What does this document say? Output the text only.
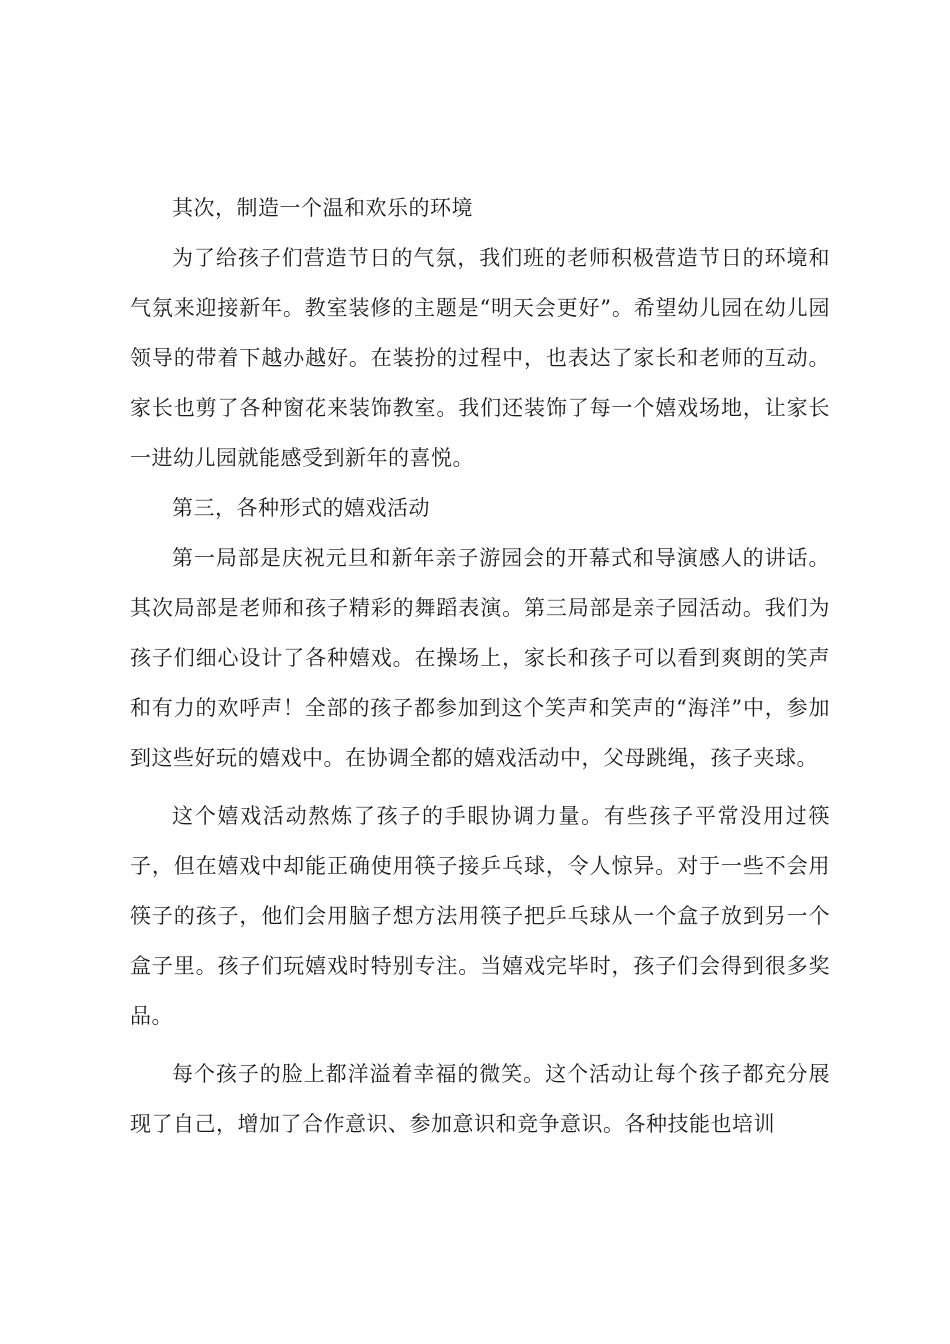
其次，制造一个温和欢乐的环境

为了给孩子们营造节日的气氛，我们班的老师积极营造节日的环境和气氛来迎接新年。教室装修的主题是“明天会更好”。希望幼儿园在幼儿园领导的带着下越办越好。在装扮的过程中，也表达了家长和老师的互动。家长也剪了各种窗花来装饰教室。我们还装饰了每一个嬉戏场地，让家长一进幼儿园就能感受到新年的喜悦。

第三，各种形式的嬉戏活动

第一局部是庆祝元旦和新年亲子游园会的开幕式和导演感人的讲话。其次局部是老师和孩子精彩的舞蹈表演。第三局部是亲子园活动。我们为孩子们细心设计了各种嬉戏。在操场上，家长和孩子可以看到爽朗的笑声和有力的欢呼声！全部的孩子都参加到这个笑声和笑声的“海洋”中，参加到这些好玩的嬉戏中。在协调全都的嬉戏活动中，父母跳绳，孩子夹球。

这个嬉戏活动熬炼了孩子的手眼协调力量。有些孩子平常没用过筷子，但在嬉戏中却能正确使用筷子接乒乓球，令人惊异。对于一些不会用筷子的孩子，他们会用脑子想方法用筷子把乒乓球从一个盒子放到另一个盒子里。孩子们玩嬉戏时特别专注。当嬉戏完毕时，孩子们会得到很多奖品。

每个孩子的脸上都洋溢着幸福的微笑。这个活动让每个孩子都充分展现了自己，增加了合作意识、参加意识和竞争意识。各种技能也培训
